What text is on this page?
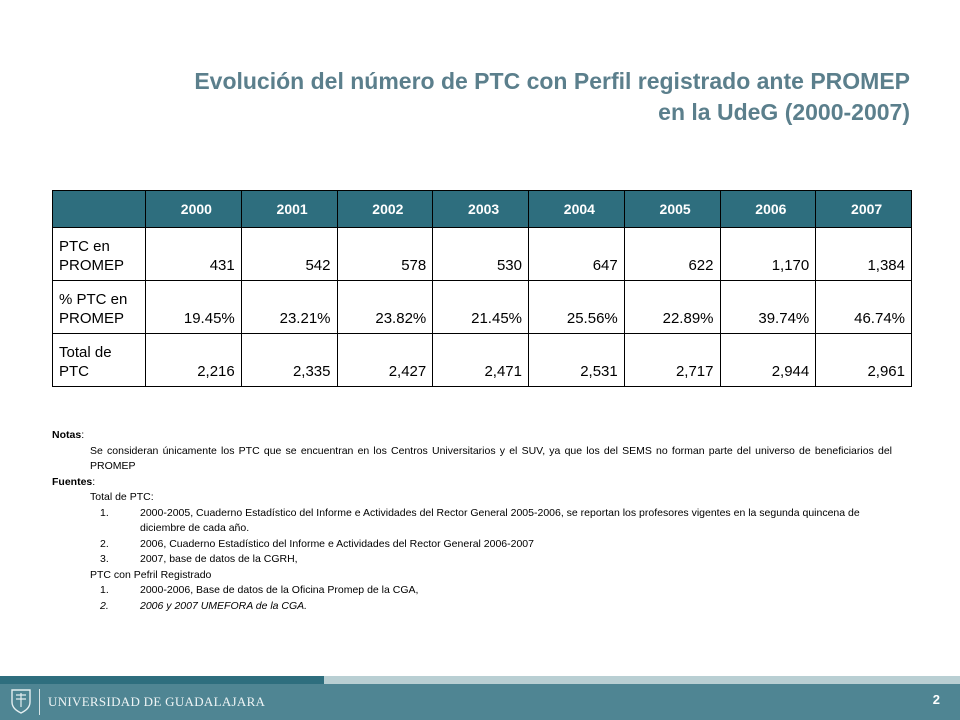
Evolución del número de PTC con Perfil registrado ante PROMEP
en la UdeG (2000-2007)
	2000	2001	2002	2003	2004	2005	2006	2007

PTC en
PROMEP	431	542	578	530	647	622	1,170	1,384

% PTC en
PROMEP	19.45%	23.21%	23.82%	21.45%	25.56%	22.89%	39.74%	46.74%

Total de
PTC	2,216	2,335	2,427	2,471	2,531	2,717	2,944	2,961
Notas:
Se consideran únicamente los PTC que se encuentran en los Centros Universitarios y el SUV, ya que los del SEMS no forman parte del universo de beneficiarios del PROMEP
Fuentes:
Total de PTC:
1.	2000-2005, Cuaderno Estadístico del Informe e Actividades del Rector General 2005-2006, se reportan los profesores vigentes en la segunda quincena de diciembre de cada año.
2.	2006, Cuaderno Estadístico del Informe e Actividades del Rector General 2006-2007
3.	2007, base de datos de la CGRH,
PTC con Pefril Registrado
1.	2000-2006, Base de datos de la Oficina Promep de la CGA,
2.	2006 y 2007 UMEFORA de la CGA.
UNIVERSIDAD DE GUADALAJARA	2
